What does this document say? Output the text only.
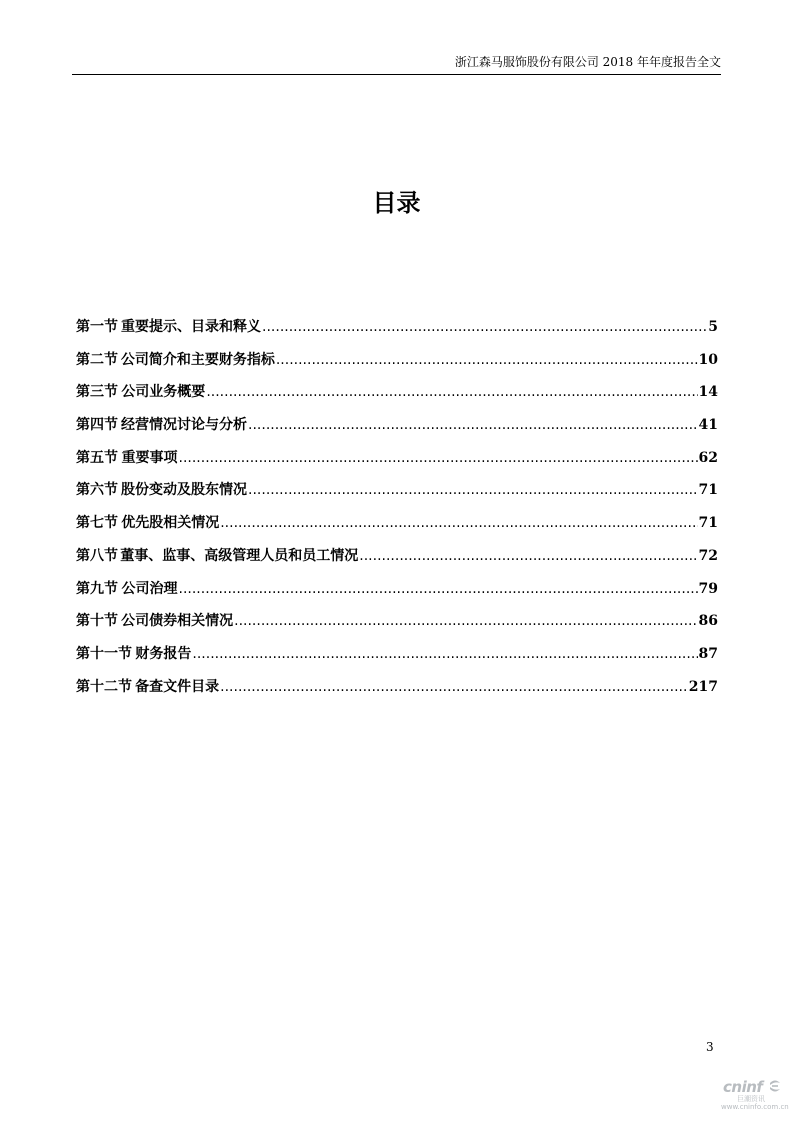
浙江森马服饰股份有限公司 2018 年年度报告全文
目录
第一节 重要提示、目录和释义 .....	5
第二节 公司简介和主要财务指标 .....	10
第三节 公司业务概要 .....	14
第四节 经营情况讨论与分析 .....	41
第五节 重要事项 .....	62
第六节 股份变动及股东情况 .....	71
第七节 优先股相关情况 .....	71
第八节 董事、监事、高级管理人员和员工情况 .....	72
第九节 公司治理 .....	79
第十节 公司债券相关情况 .....	86
第十一节 财务报告 .....	87
第十二节 备查文件目录 .....	217
3
cninf
巨潮资讯
www.cninfo.com.cn
